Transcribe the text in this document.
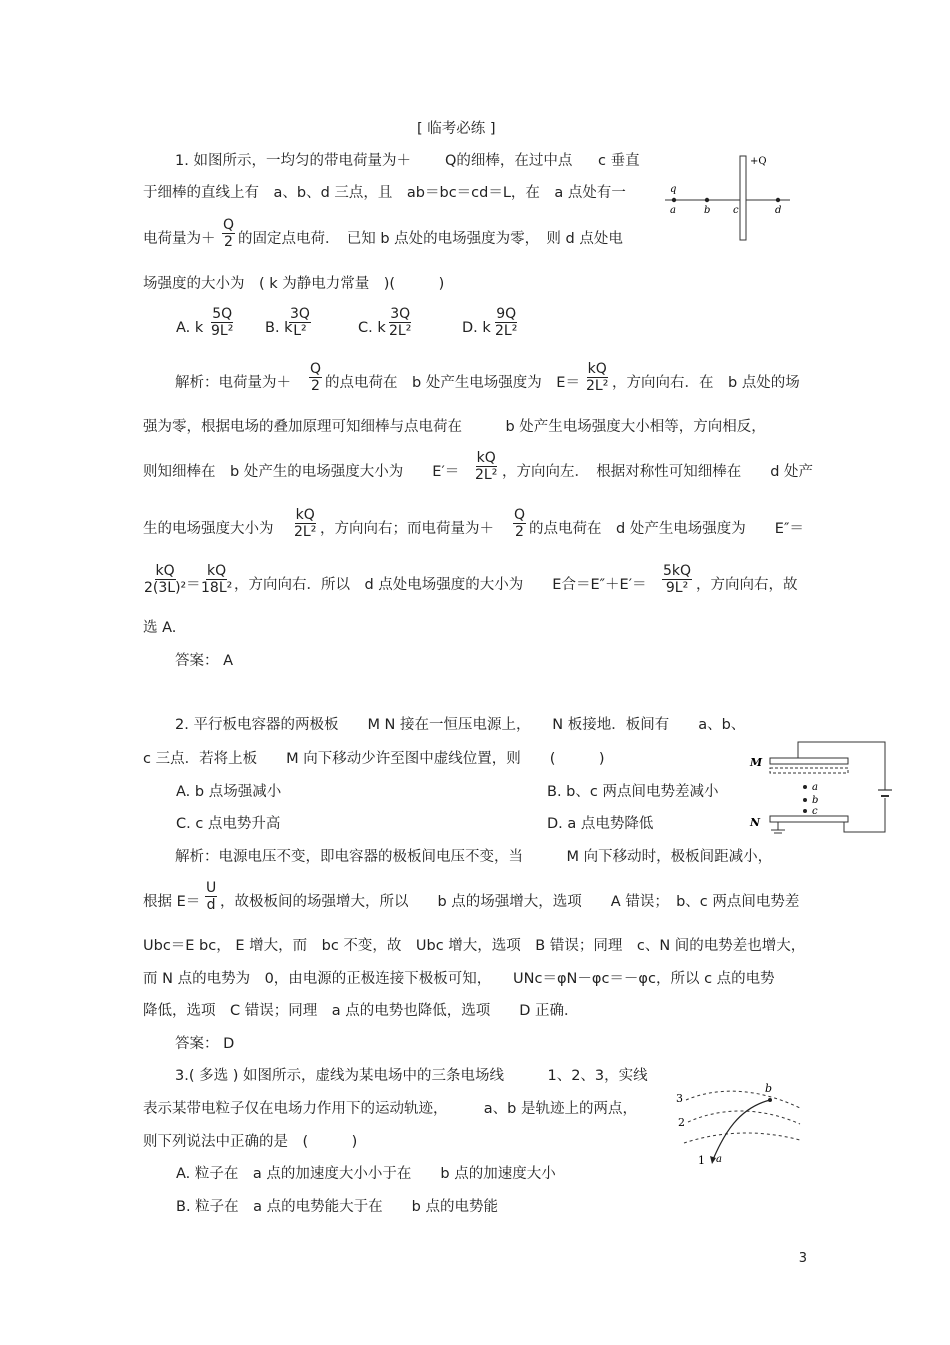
[ 临考必练 ]
1. 如图所示，一均匀的带电荷量为＋ Q的细棒，在过中点 c 垂直
于细棒的直线上有　a、b、d 三点，且　ab＝bc＝cd＝L，在　a 点处有一
电荷量为＋ $\frac{Q}{2}$ 的固定点电荷．　已知 b 点处的电场强度为零，　则 d 点处电
场强度的大小为　( k 为静电力常量　)(　　　)
A. k $\frac{5Q}{\text{9L²}} B$. k
$\frac{3Q}{\text{L²}}$	C. k $\frac{3Q}{\text{2L²}}$	D. k $\frac{9Q}{\text{2L²}}$
q
a	b c	d
+Q
解析：电荷量为＋ $\frac{Q}{2}$ 的点电荷在　b 处产生电场强度为　$E= \frac{kQ}{\text{2L²}}$ ，方向向右．在　b 点处的场
强为零，根据电场的叠加原理可知细棒与点电荷在　　　b 处产生电场强度大小相等，方向相反，
则知细棒在　b 处产生的电场强度大小为　　$E'= \frac{kQ}{\text{2L²}}$ ，方向向左．　根据对称性可知细棒在　　d 处产
生的电场强度大小为 $\frac{kQ}{\text{2L²}}$ ，方向向右；而电荷量为＋ $\frac{Q}{2}$ 的点电荷在　d 处产生电场强度为　　E″＝
$\frac{kQ}{\text{2(3L)²}}$
＝ $\frac{kQ}{\text{18L²}}$ ，方向向右．所以　d 点处电场强度的大小为　　E合$=E''+E'= \frac{5kQ}{\text{9L²}}$ ，方向向右，故
选 A.
答案： A
2. 平行板电容器的两极板　　M N 接在一恒压电源上，　　N 板接地．板间有　　a、b、
c 三点．若将上板　　M 向下移动少许至图中虚线位置，则　　(　　　)
A. b 点场强减小	B. b、c 两点间电势差减小
C. c 点电势升高	D. a 点电势降低
M
N
a
b
c
解析：电源电压不变，即电容器的极板间电压不变，当　　　M 向下移动时，极板间距减小，
根据 $E= \frac{U}{d}$ ，故极板间的场强增大，所以　　b 点的场强增大，选项　　A 错误；　b、c 两点间电势差
Ubc＝E bc， E 增大，而　bc 不变，故　Ubc 增大，选项　B 错误；同理　c、N 间的电势差也增大，
而 N 点的电势为　0，由电源的正极连接下极板可知，　　UNc＝φN－φc＝－φc，所以 c 点的电势
降低，选项　C 错误；同理　a 点的电势也降低，选项　　D 正确．
答案： D
3.( 多选 ) 如图所示，虚线为某电场中的三条电场线　　　1、2、3，实线
表示某带电粒子仅在电场力作用下的运动轨迹，　　　a、b 是轨迹上的两点，
则下列说法中正确的是　(　　　)
A. 粒子在　a 点的加速度大小小于在　　b 点的加速度大小
B. 粒子在　a 点的电势能大于在　　b 点的电势能
3
2
1 a
b
3
